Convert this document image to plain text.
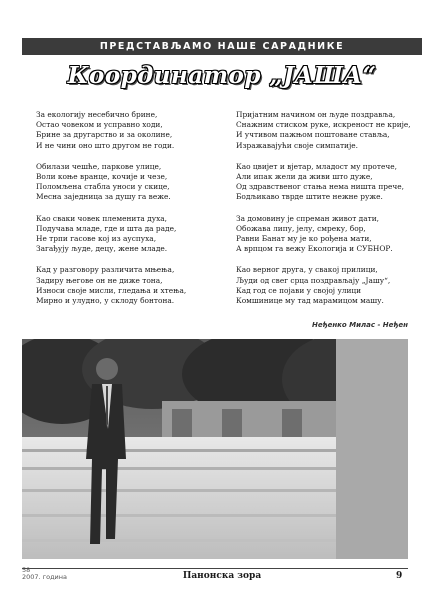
ПРЕДСТАВЉАМО НАШЕ САРАДНИКЕ
Координатор „ЈАША“
За екологију несебично брине,
Остао човеком и усправно ходи,
Брине за другарство и за околине,
И не чини оно што другом не годи.
Обилази чешће, паркове улице,
Воли коње вранце, кочије и чезе,
Поломљена стабла уноси у скице,
Месна заједница за душу га веже.
Као сваки човек племенита духа,
Подучава младе, где и шта да раде,
Не трпи гасове кој из ауспуха,
Загађују људе, децу, жене младе.
Кад у разговору различита мњења,
Задиру његове он не диже тона,
Износи своје мисли, гледања и хтења,
Мирно и улудно, у склоду бонтона.
Пријатним начином он људе поздравља,
Снажним стиском руке, искреност не крије,
И учтивом пажњом поштоване ставља,
Изражавајући своје симпатије.
Као цвијет и вјетар, младост му протече,
Али ипак жели да живи што дуже,
Од здравственог стања нема ништа прече,
Бодљикаво тврде штите нежне руже.
За домовину је спреман живот дати,
Обожава липу, јелу, смреку, бор,
Равни Банат му је ко рођена мати,
А врпцом га вежу Екологија и СУБНОР.
Као верног друга, у свакој прилици,
Људи од свег срца поздрављају „Јашу“,
Кад год се појави у својој улици
Комшинице му тад марамицом машу.
Неђенко Милас - Неђен
58
2007. година	Панонска зора	9
